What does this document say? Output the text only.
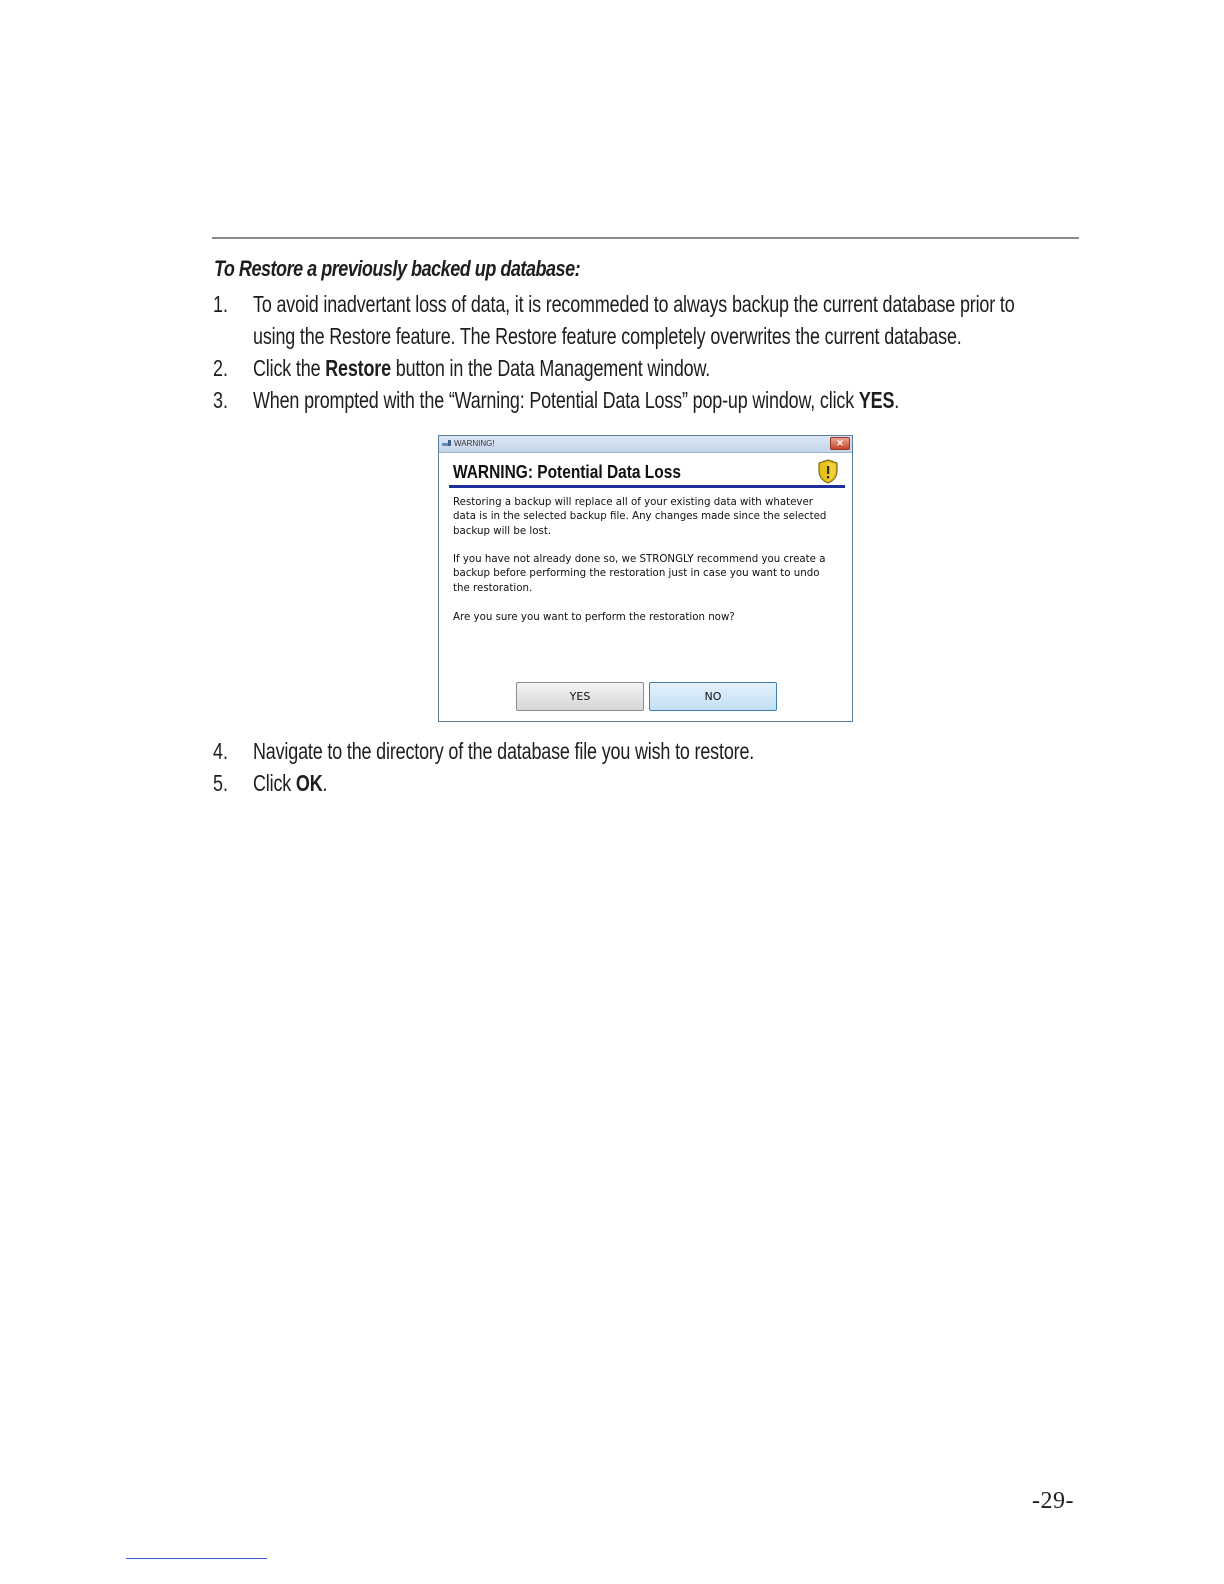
To Restore a previously backed up database:
1. To avoid inadvertant loss of data, it is recommeded to always backup the current database prior to
using the Restore feature. The Restore feature completely overwrites the current database.
2. Click the Restore button in the Data Management window.
3. When prompted with the “Warning: Potential Data Loss” pop-up window, click YES.
WARNING!	✕
WARNING: Potential Data Loss
Restoring a backup will replace all of your existing data with whatever
data is in the selected backup file. Any changes made since the selected
backup will be lost.
If you have not already done so, we STRONGLY recommend you create a
backup before performing the restoration just in case you want to undo
the restoration.
Are you sure you want to perform the restoration now?
YES	NO
4. Navigate to the directory of the database file you wish to restore.
5. Click OK.
-29-
